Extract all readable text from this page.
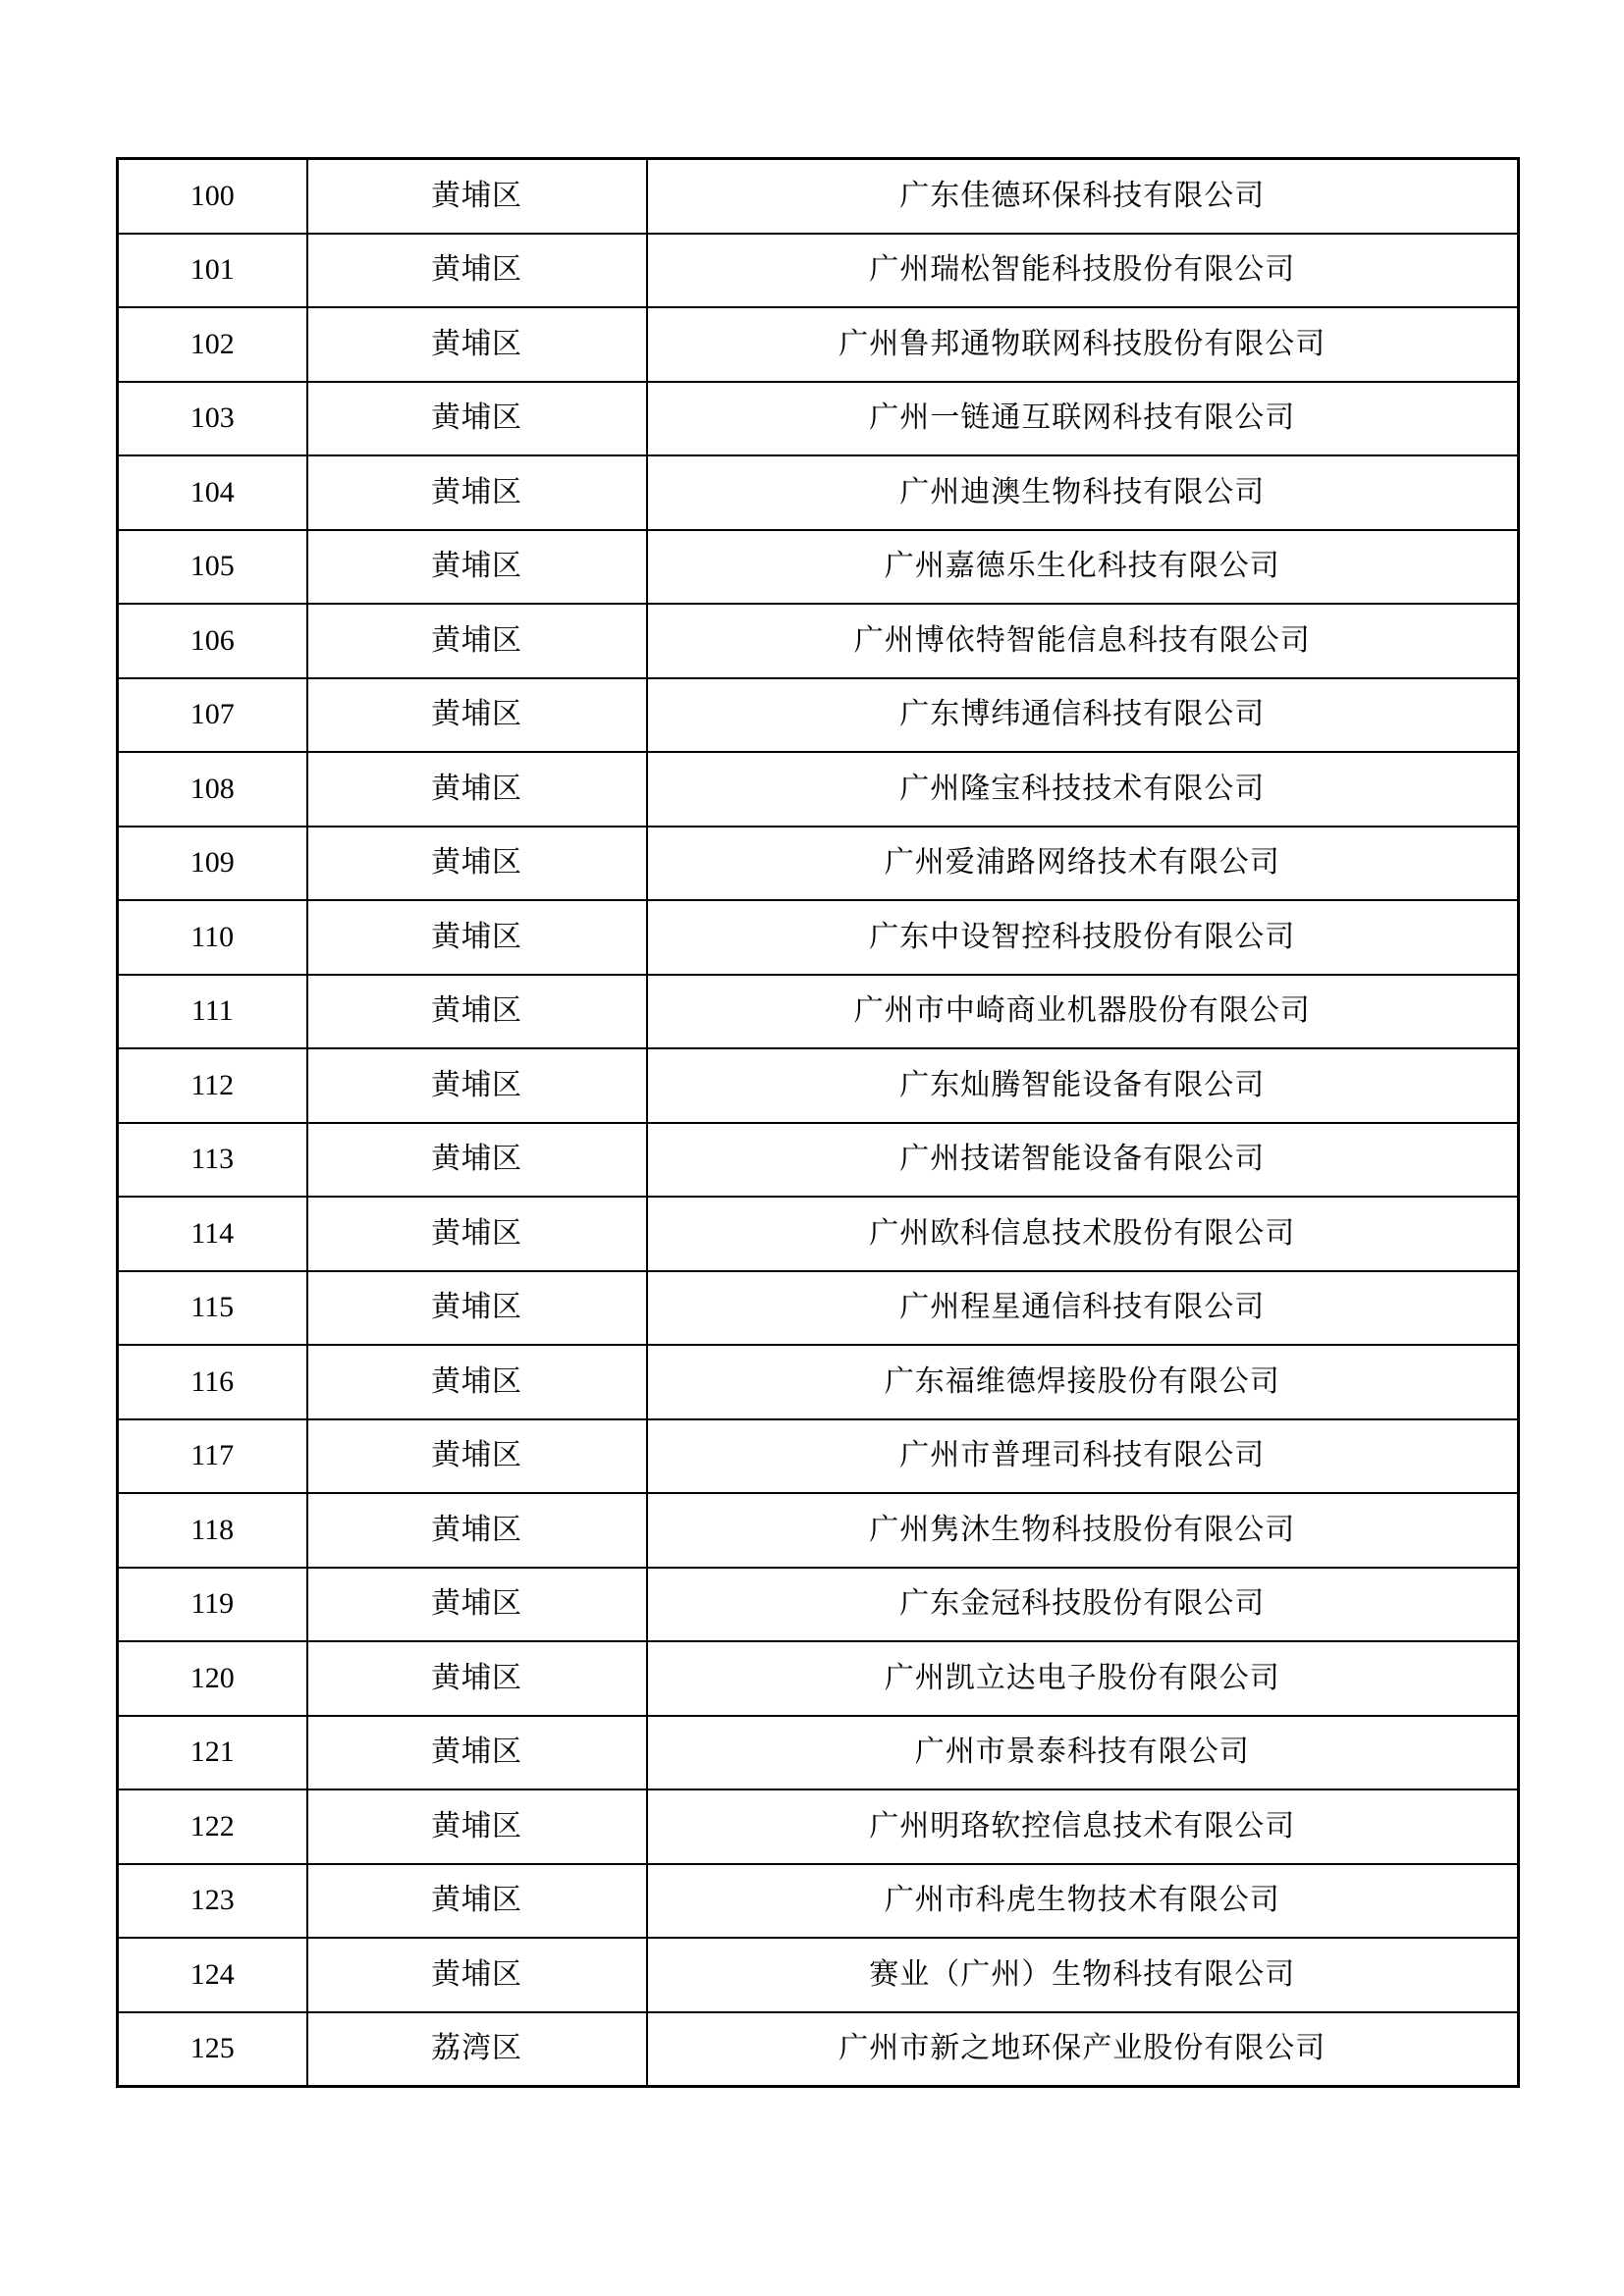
100	黄埔区	广东佳德环保科技有限公司
101	黄埔区	广州瑞松智能科技股份有限公司
102	黄埔区	广州鲁邦通物联网科技股份有限公司
103	黄埔区	广州一链通互联网科技有限公司
104	黄埔区	广州迪澳生物科技有限公司
105	黄埔区	广州嘉德乐生化科技有限公司
106	黄埔区	广州博依特智能信息科技有限公司
107	黄埔区	广东博纬通信科技有限公司
108	黄埔区	广州隆宝科技技术有限公司
109	黄埔区	广州爱浦路网络技术有限公司
110	黄埔区	广东中设智控科技股份有限公司
111	黄埔区	广州市中崎商业机器股份有限公司
112	黄埔区	广东灿腾智能设备有限公司
113	黄埔区	广州技诺智能设备有限公司
114	黄埔区	广州欧科信息技术股份有限公司
115	黄埔区	广州程星通信科技有限公司
116	黄埔区	广东福维德焊接股份有限公司
117	黄埔区	广州市普理司科技有限公司
118	黄埔区	广州隽沐生物科技股份有限公司
119	黄埔区	广东金冠科技股份有限公司
120	黄埔区	广州凯立达电子股份有限公司
121	黄埔区	广州市景泰科技有限公司
122	黄埔区	广州明珞软控信息技术有限公司
123	黄埔区	广州市科虎生物技术有限公司
124	黄埔区	赛业（广州）生物科技有限公司
125	荔湾区	广州市新之地环保产业股份有限公司
